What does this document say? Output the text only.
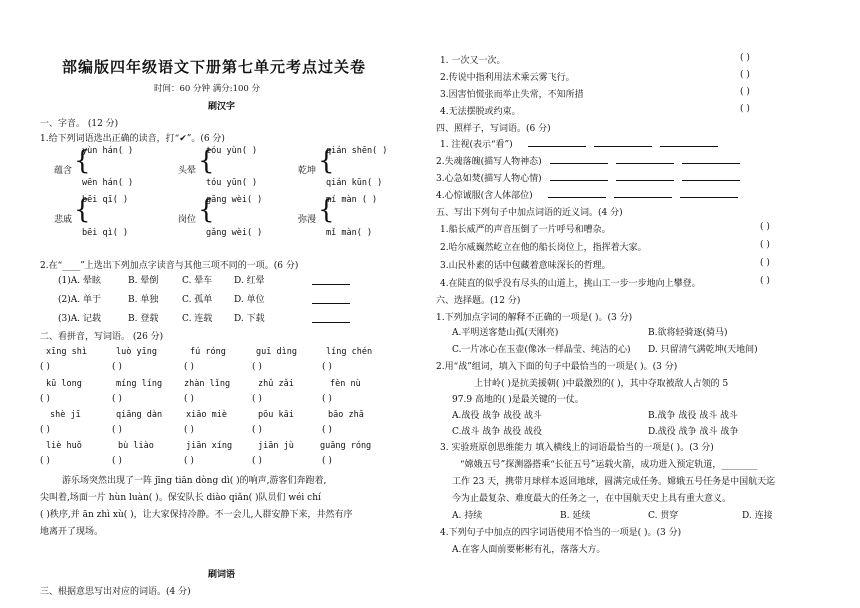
部编版四年级语文下册第七单元考点过关卷
时间：60 分钟 满分:100 分
刷汉字
一、字音。 (12 分)
1.给下列词语选出正确的读音，打“✔”。(6 分)
蕴含 {
yùn hán( )
wēn hán( )
头晕 {
tóu yùn( )
tóu yūn( )
乾坤 {
qián shēn( )
qián kūn( )
悲戚 {
bēi qī( )
bēi qì( )
岗位 {
gāng wèi( )
gǎng wèi( )
弥漫 {
mí màn ( )
mǐ màn( )
2.在“____”上选出下列加点字读音与其他三项不同的一项。(6 分)
(1)A. 晕眩	B. 晕倒	C. 晕车 D. 红晕
(2)A. 单于	B. 单独	C. 孤单 D. 单位
(3)A. 记载	B. 登载	C. 连载 D. 下载
二、看拼音，写词语。 (26 分)
xīng shì	luò yīng	fú róng	guī dìng	líng chén
( )	( )	( )	( )	( )
kū long	míng líng	zhàn lǐng	zhǔ zǎi	fèn nù
( )	( )	( )	( )	( )
shè jī	qiāng dàn	xiāo miè	pōu kāi	bāo zhā
( )	( )	( )	( )	( )
liè huǒ	bù liào	jiān xíng	jiān jù	guāng róng
( )	( )	( )	( )	( )
游乐场突然出现了一阵 jīng tiān dòng dì( )的响声,游客们奔跑着,
尖叫着,场面一片 hùn luàn( )。保安队长 diào qiǎn( )队员们 wéi chí
( )秩序,并 ān zhì xù( )，让大家保持冷静。不一会儿,人群安静下来，井然有序
地离开了现场。
刷词语
三、根据意思写出对应的词语。(4 分)
1. 一次又一次。	( )
2.传说中指利用法术乘云雾飞行。	( )
3.因害怕慌张而举止失常，不知所措	( )
4.无法摆脱或约束。	( )
四、照样子，写词语。(6 分)
1. 注视(表示“看”)
2.失魂落魄(描写人物神态)
3.心急如焚(描写人物心情)
4.心惊诚服(含人体部位)
五、写出下列句子中加点词语的近义词。(4 分)
1.船长威严的声音压倒了一片呼号和嘈杂。	( )
2.哈尔威巍然屹立在他的船长岗位上，指挥着大家。	( )
3.山民朴素的话中包藏着意味深长的哲理。	( )
4.在陡直的似乎没有尽头的山道上，挑山工一步一步地向上攀登。	( )
六、选择题。(12 分)
1.下列加点字词的解释不正确的一项是( )。(3 分)
A.平明送客楚山孤(天刚亮)	B.欲将轻骑逐(骑马)
C.一片冰心在玉壶(像冰一样晶莹、纯洁的心) D. 只留清气满乾坤(天地间)
2.用“战”组词，填入下面的句子中最恰当的一项是( )。(3 分)
上甘岭( )是抗美援朝( )中最激烈的( )，其中夺取被敌人占领的 5
97.9 高地的( )是最关键的一仗。
A.战役 战争 战役 战斗	B.战争 战役 战斗 战斗
C.战斗 战争 战役 战役	D.战役 战争 战斗 战争
3. 实验班原创思维能力 填入横线上的词语最恰当的一项是( )。(3 分)
“嫦娥五号”探测器搭乘“长征五号”运载火箭，成功进入预定轨道，________
工作 23 天，携带月球样本返回地球，圆满完成任务。嫦娥五号任务是中国航天迄
今为止最复杂、难度最大的任务之一，在中国航天史上具有重大意义。
A. 持续	B. 延续	C. 贯穿	D. 连接
4.下列句子中加点的四字词语使用不恰当的一项是( )。(3 分)
A.在客人面前要彬彬有礼，落落大方。
